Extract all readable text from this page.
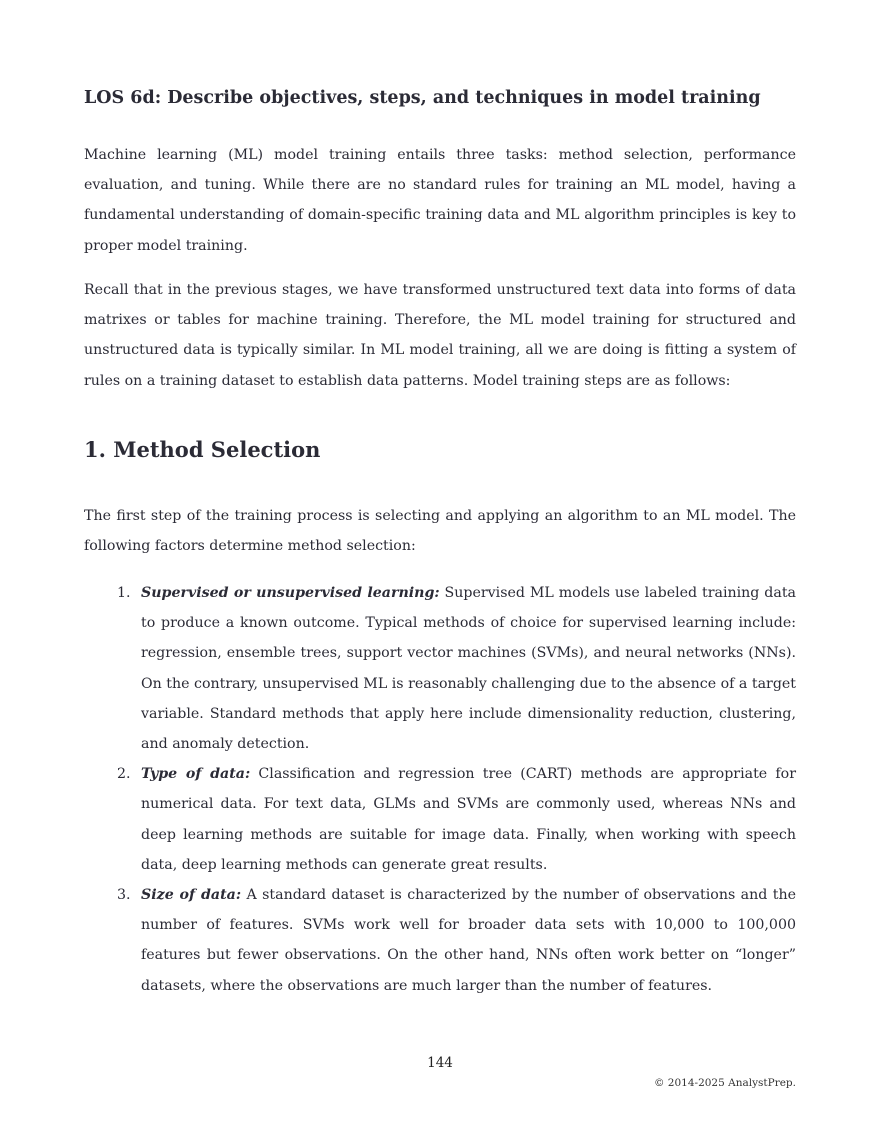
LOS 6d: Describe objectives, steps, and techniques in model training

Machine learning (ML) model training entails three tasks: method selection, performance evaluation, and tuning. While there are no standard rules for training an ML model, having a fundamental understanding of domain-specific training data and ML algorithm principles is key to proper model training.

Recall that in the previous stages, we have transformed unstructured text data into forms of data matrixes or tables for machine training. Therefore, the ML model training for structured and unstructured data is typically similar. In ML model training, all we are doing is fitting a system of rules on a training dataset to establish data patterns. Model training steps are as follows:

1. Method Selection

The first step of the training process is selecting and applying an algorithm to an ML model. The following factors determine method selection:

1. Supervised or unsupervised learning: Supervised ML models use labeled training data to produce a known outcome. Typical methods of choice for supervised learning include: regression, ensemble trees, support vector machines (SVMs), and neural networks (NNs). On the contrary, unsupervised ML is reasonably challenging due to the absence of a target variable. Standard methods that apply here include dimensionality reduction, clustering, and anomaly detection.
2. Type of data: Classification and regression tree (CART) methods are appropriate for numerical data. For text data, GLMs and SVMs are commonly used, whereas NNs and deep learning methods are suitable for image data. Finally, when working with speech data, deep learning methods can generate great results.
3. Size of data: A standard dataset is characterized by the number of observations and the number of features. SVMs work well for broader data sets with 10,000 to 100,000 features but fewer observations. On the other hand, NNs often work better on “longer” datasets, where the observations are much larger than the number of features.
144
© 2014-2025 AnalystPrep.
